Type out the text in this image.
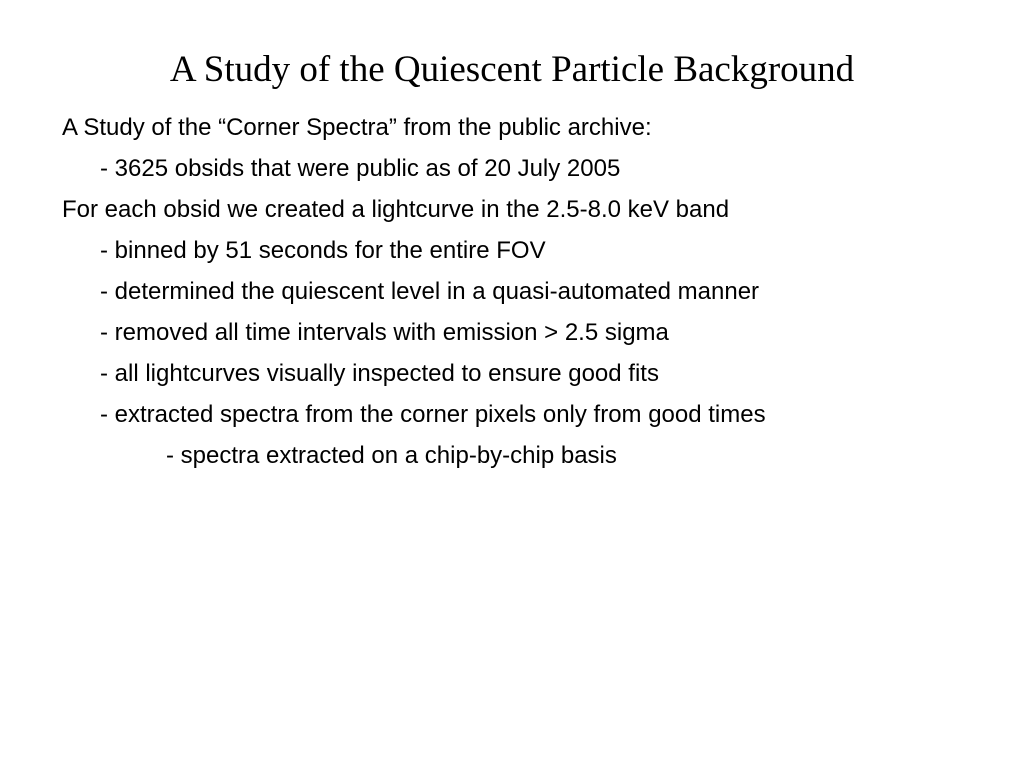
A Study of the Quiescent Particle Background
A Study of the “Corner Spectra” from the public archive:
- 3625 obsids that were public as of 20 July 2005
For each obsid we created a lightcurve in the 2.5-8.0 keV band
- binned by 51 seconds for the entire FOV
- determined the quiescent level in a quasi-automated manner
- removed all time intervals with emission > 2.5 sigma
- all lightcurves visually inspected to ensure good fits
- extracted spectra from the corner pixels only from good times
- spectra extracted on a chip-by-chip basis
